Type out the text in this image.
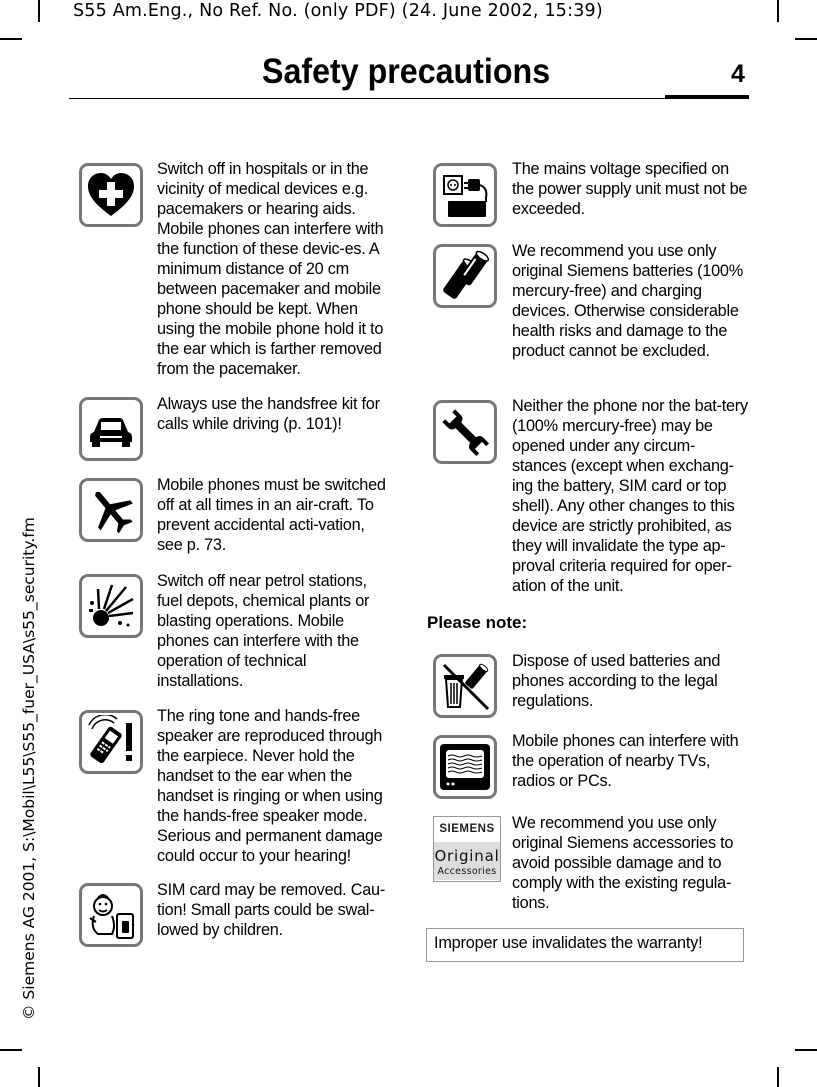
S55 Am.Eng., No Ref. No. (only PDF) (24. June 2002, 15:39)
Safety precautions	4
© Siemens AG 2001, S:\Mobil\L55\S55_fuer_USA\s55_security.fm
Switch off in hospitals or in the vicinity of medical devices e.g. pacemakers or hearing aids. Mobile phones can interfere with the function of these devic-es. A minimum distance of 20 cm between pacemaker and mobile phone should be kept. When using the mobile phone hold it to the ear which is farther removed from the pacemaker.
Always use the handsfree kit for calls while driving (p. 101)!
Mobile phones must be switched off at all times in an air-craft. To prevent accidental acti-vation, see p. 73.
Switch off near petrol stations, fuel depots, chemical plants or blasting operations. Mobile phones can interfere with the operation of technical installations.
The ring tone and hands-free speaker are reproduced through the earpiece. Never hold the handset to the ear when the handset is ringing or when using the hands-free speaker mode. Serious and permanent damage could occur to your hearing!
SIM card may be removed. Cau-tion! Small parts could be swal-lowed by children.
The mains voltage specified on the power supply unit must not be exceeded.
We recommend you use only original Siemens batteries (100% mercury-free) and charging devices. Otherwise considerable health risks and damage to the product cannot be excluded.
Neither the phone nor the bat-tery (100% mercury-free) may be opened under any circum-stances (except when exchang-ing the battery, SIM card or top shell). Any other changes to this device are strictly prohibited, as they will invalidate the type ap-proval criteria required for oper-ation of the unit.
Please note:
Dispose of used batteries and phones according to the legal regulations.
Mobile phones can interfere with the operation of nearby TVs, radios or PCs.
SIEMENS
Original
Accessories
We recommend you use only original Siemens accessories to avoid possible damage and to comply with the existing regula-tions.
Improper use invalidates the warranty!
